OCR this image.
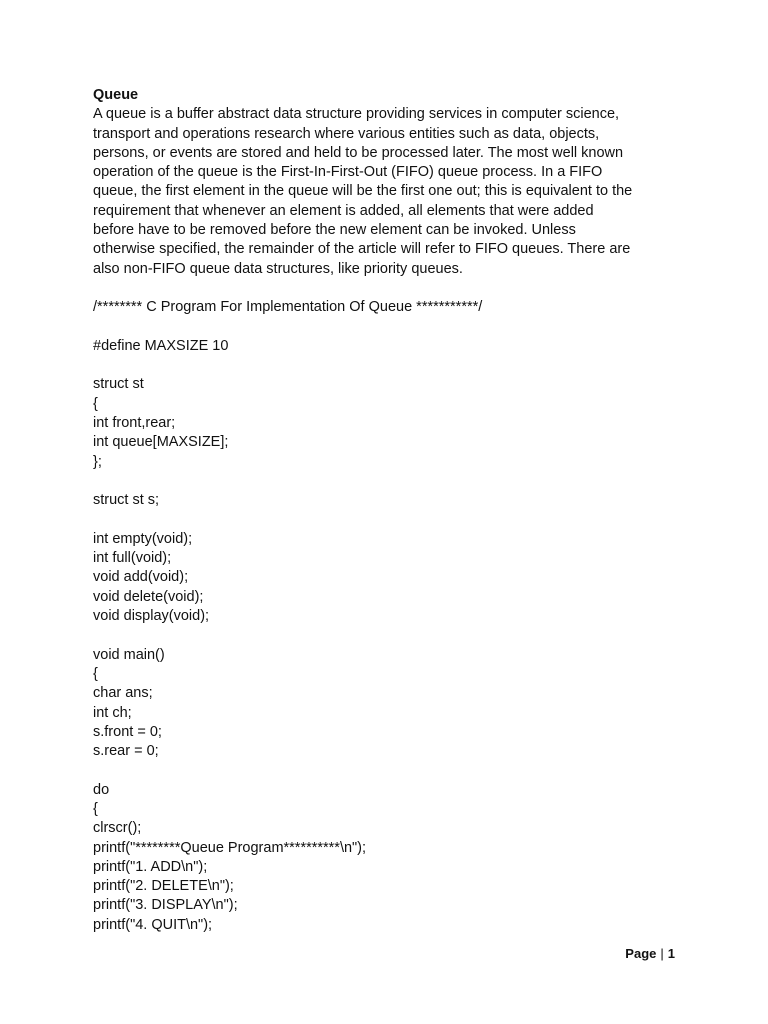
Queue
A queue is a buffer abstract data structure providing services in computer science,
transport and operations research where various entities such as data, objects,
persons, or events are stored and held to be processed later. The most well known
operation of the queue is the First-In-First-Out (FIFO) queue process. In a FIFO
queue, the first element in the queue will be the first one out; this is equivalent to the
requirement that whenever an element is added, all elements that were added
before have to be removed before the new element can be invoked. Unless
otherwise specified, the remainder of the article will refer to FIFO queues. There are
also non-FIFO queue data structures, like priority queues.
/******** C Program For Implementation Of Queue ***********/
#define MAXSIZE 10
struct st
{
int front,rear;
int queue[MAXSIZE];
};
struct st s;
int empty(void);
int full(void);
void add(void);
void delete(void);
void display(void);
void main()
{
char ans;
int ch;
s.front = 0;
s.rear = 0;
do
{
clrscr();
printf("********Queue Program**********\n");
printf("1. ADD\n");
printf("2. DELETE\n");
printf("3. DISPLAY\n");
printf("4. QUIT\n");
Page | 1
